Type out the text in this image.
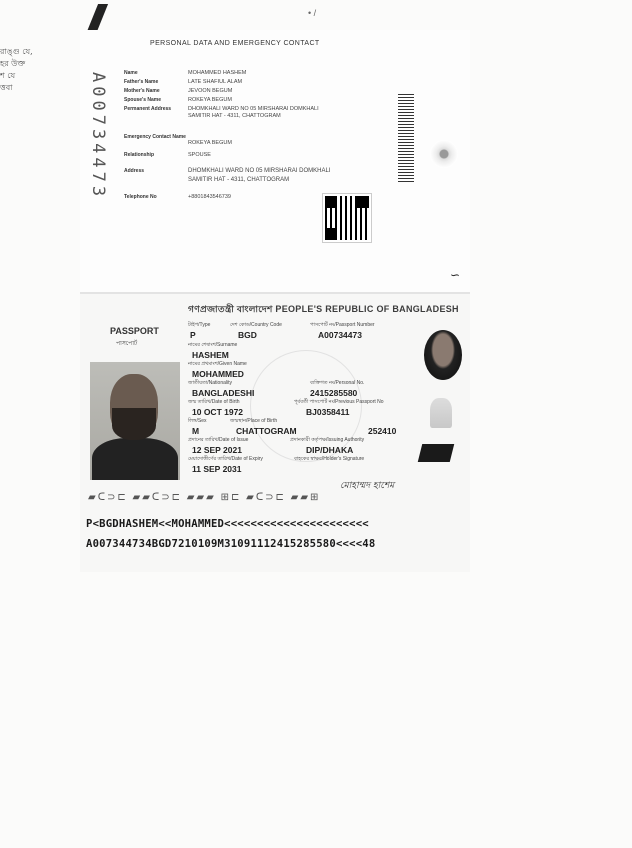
• /
রাঙ্গু যে,
হর উক্ত
শ যে
ত্তবা
PERSONAL DATA AND EMERGENCY CONTACT
A00734473	Name	MOHAMMED HASHEM
Father's Name	LATE SHAFIUL ALAM
Mother's Name	JEVOON BEGUM
Spouse's Name	ROKEYA BEGUM
Permanent Address	DHOMKHALI WARD NO 05 MIRSHARAI DOMKHALI
SAMITIR HAT - 4311, CHATTOGRAM
Emergency Contact Name
ROKEYA BEGUM
Relationship	SPOUSE
Address	DHOMKHALI WARD NO 05 MIRSHARAI DOMKHALI
SAMITIR HAT - 4311, CHATTOGRAM
Telephone No	+8801843546739
∽
গণপ্রজাতন্ত্রী বাংলাদেশ PEOPLE'S REPUBLIC OF BANGLADESH
PASSPORT
পাসপোর্ট
টাইপ/Type	দেশ কোড/Country Code	পাসপোর্ট নং/Passport Number
P	BGD	A00734473
নামের শেষাংশ/Surname
HASHEM
নামের প্রথমাংশ/Given Name
MOHAMMED
জাতীয়তা/Nationality	ব্যক্তিগত নং/Personal No.
BANGLADESHI	2415285580
জন্ম তারিখ/Date of Birth	পূর্ববর্তী পাসপোর্ট নং/Previous Passport No
10 OCT 1972	BJ0358411
লিঙ্গ/Sex	জন্মস্থান/Place of Birth
M	CHATTOGRAM	252410
প্রদানের তারিখ/Date of Issue	প্রদানকারী কর্তৃপক্ষ/Issuing Authority
12 SEP 2021	DIP/DHAKA
মেয়াদোত্তীর্ণের তারিখ/Date of Expiry	বাহকের স্বাক্ষর/Holder's Signature
11 SEP 2031
মোহাম্মদ হাশেম
▰ᑕ⊃⊏ ▰▰ᑕ⊃⊏ ▰▰▰ ⊞⊏ ▰ᑕ⊃⊏ ▰▰⊞
P<BGDHASHEM<<MOHAMMED<<<<<<<<<<<<<<<<<<<<<<
A007344734BGD7210109M31091112415285580<<<<48
